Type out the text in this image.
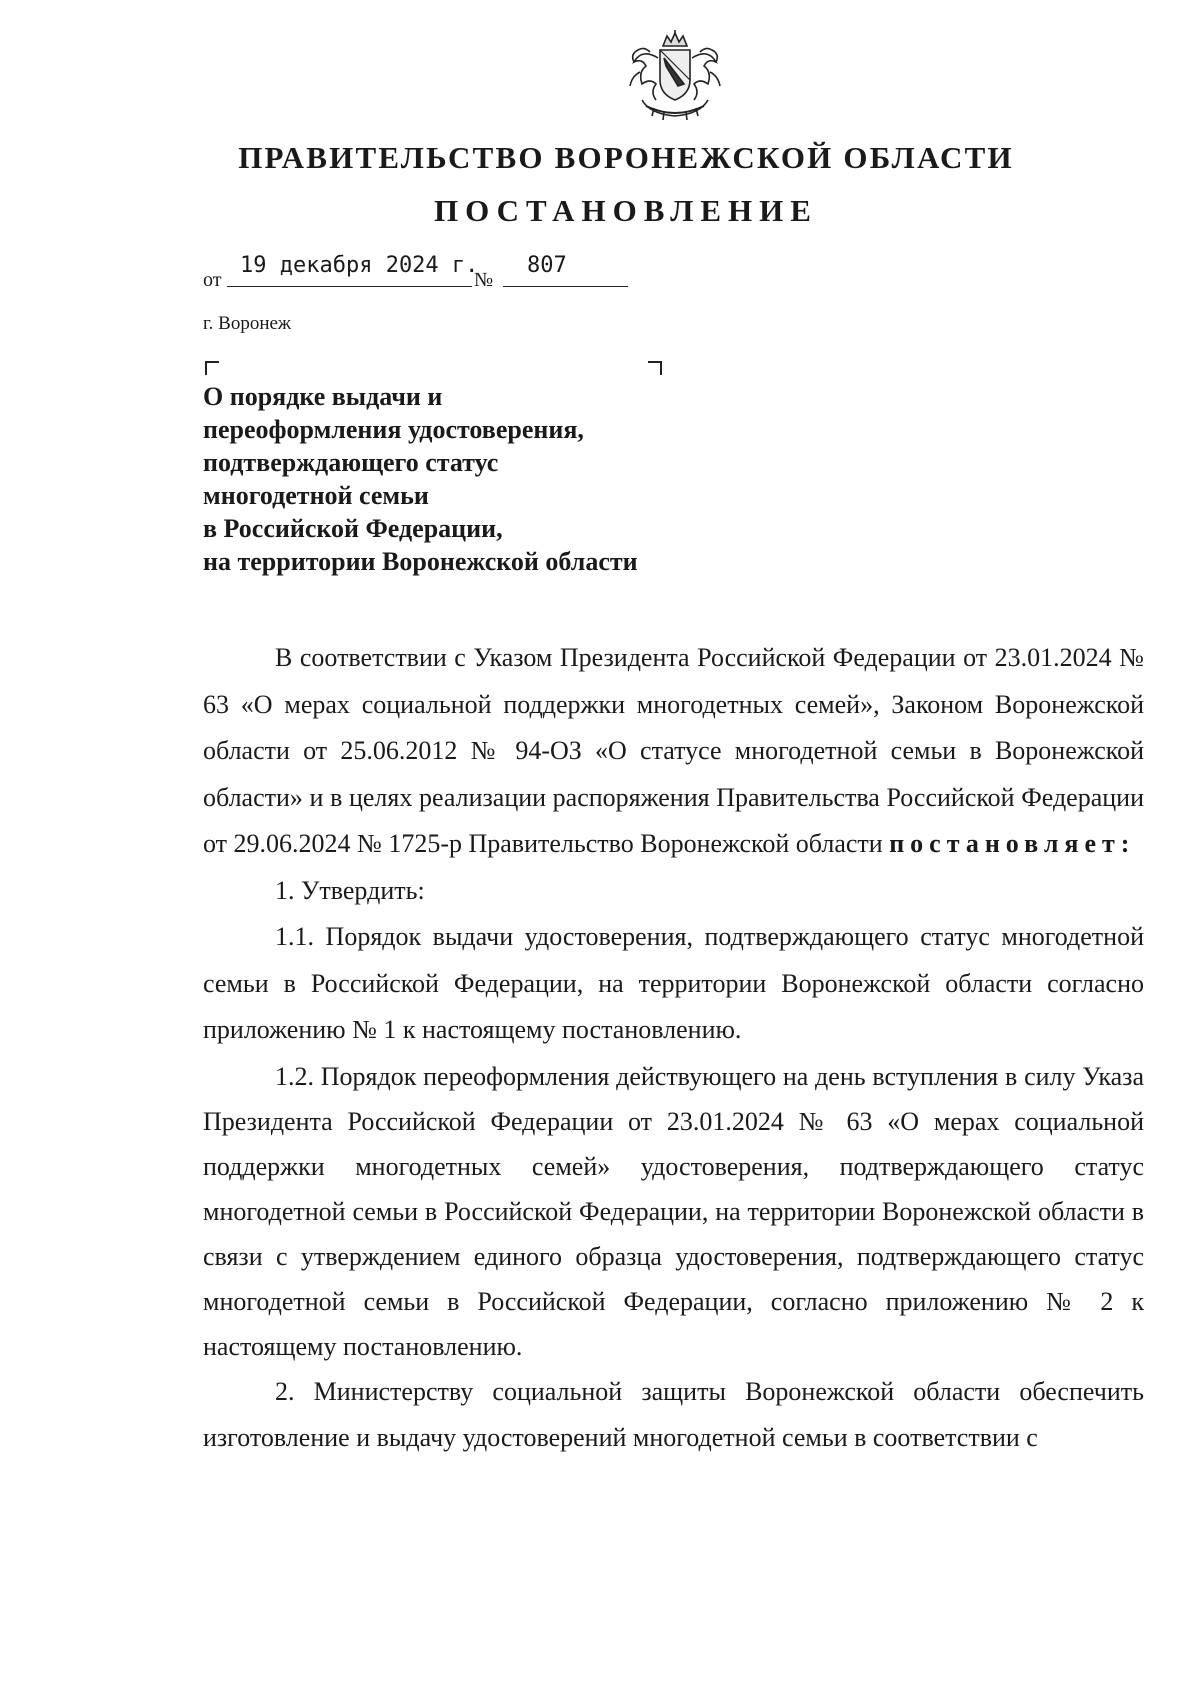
ПРАВИТЕЛЬСТВО ВОРОНЕЖСКОЙ ОБЛАСТИ
ПОСТАНОВЛЕНИЕ
от
19 декабря 2024 г.
№
807
г. Воронеж
О порядке выдачи и
переоформления удостоверения,
подтверждающего статус
многодетной семьи
в Российской Федерации,
на территории Воронежской области

В соответствии с Указом Президента Российской Федерации от 23.01.2024 № 63 «О мерах социальной поддержки многодетных семей», Законом Воронежской области от 25.06.2012 № 94-ОЗ «О статусе многодетной семьи в Воронежской области» и в целях реализации распоряжения Правительства Российской Федерации от 29.06.2024 № 1725-р Правительство Воронежской области постановляет:

1. Утвердить:

1.1. Порядок выдачи удостоверения, подтверждающего статус многодетной семьи в Российской Федерации, на территории Воронежской области согласно приложению № 1 к настоящему постановлению.

1.2. Порядок переоформления действующего на день вступления в силу Указа Президента Российской Федерации от 23.01.2024 № 63 «О мерах социальной поддержки многодетных семей» удостоверения, подтверждающего статус многодетной семьи в Российской Федерации, на территории Воронежской области в связи с утверждением единого образца удостоверения, подтверждающего статус многодетной семьи в Российской Федерации, согласно приложению № 2 к настоящему постановлению.

2. Министерству социальной защиты Воронежской области обеспечить изготовление и выдачу удостоверений многодетной семьи в соответствии с
